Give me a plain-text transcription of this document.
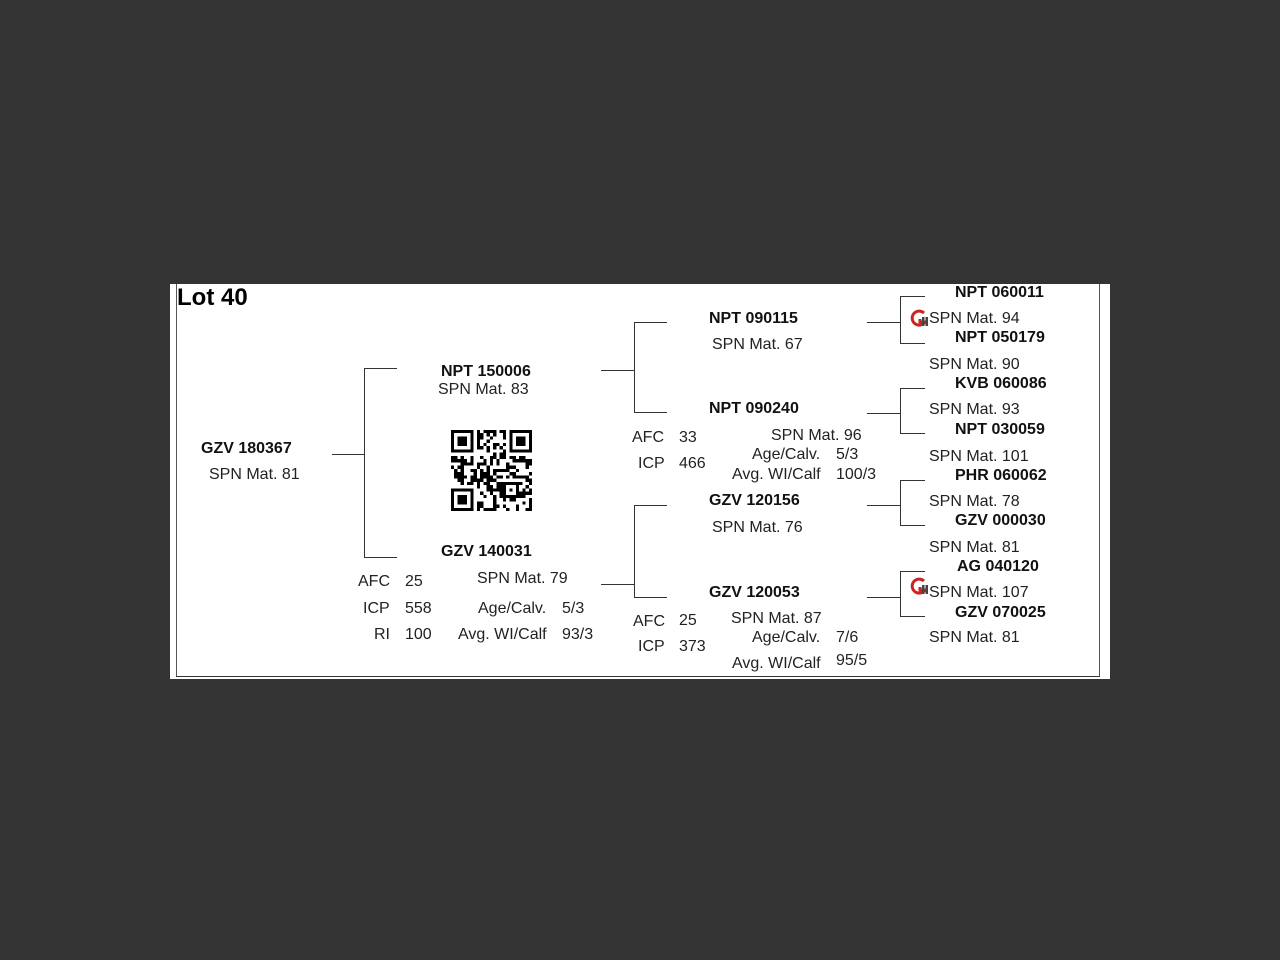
Lot 40
GZV 180367
SPN Mat. 81
NPT 150006
SPN Mat. 83
GZV 140031
SPN Mat. 79
AFC 25
ICP 558
RI 100
Age/Calv. 5/3
Avg. WI/Calf 93/3
NPT 090115
SPN Mat. 67
NPT 090240
SPN Mat. 96
AFC 33
ICP 466
Age/Calv. 5/3
Avg. WI/Calf 100/3
GZV 120156
SPN Mat. 76
GZV 120053
SPN Mat. 87
AFC 25
ICP 373
Age/Calv. 7/6
Avg. WI/Calf 95/5
NPT 060011
SPN Mat. 94
NPT 050179
SPN Mat. 90
KVB 060086
SPN Mat. 93
NPT 030059
SPN Mat. 101
PHR 060062
SPN Mat. 78
GZV 000030
SPN Mat. 81
AG 040120
SPN Mat. 107
GZV 070025
SPN Mat. 81
